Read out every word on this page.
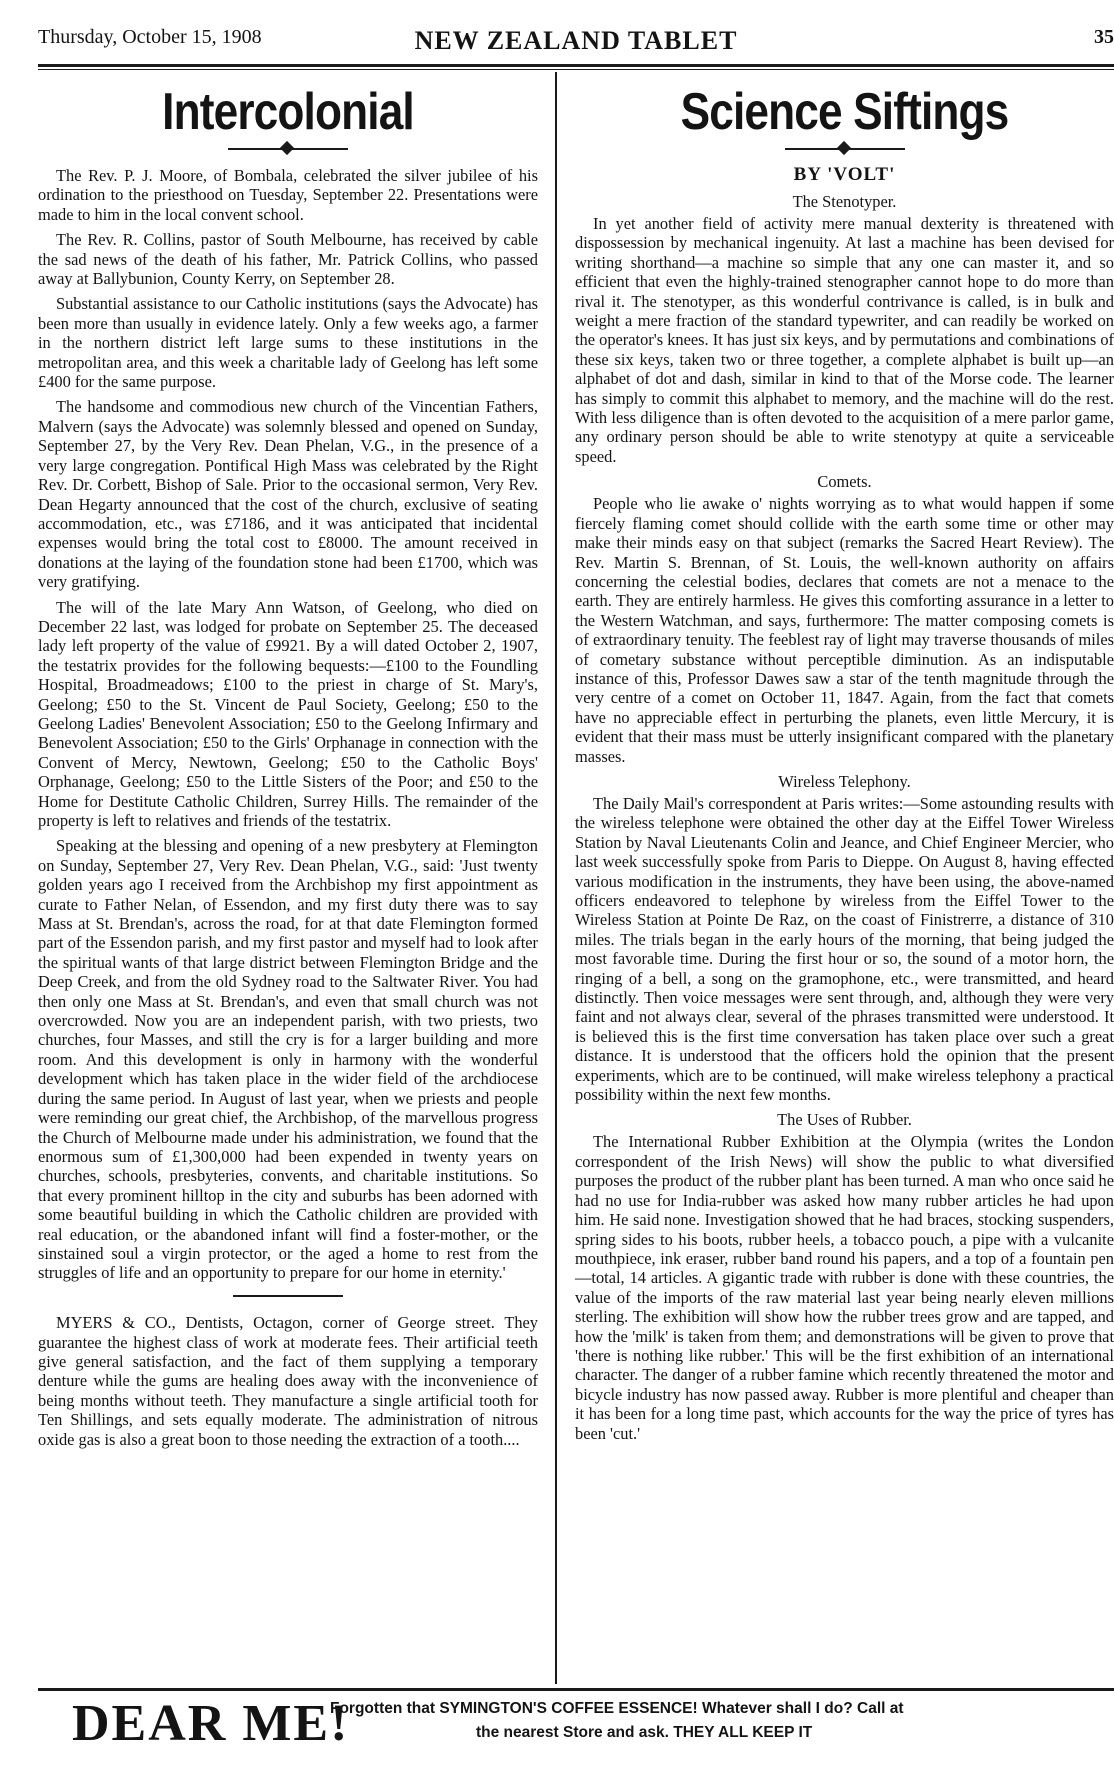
Thursday, October 15, 1908	NEW ZEALAND TABLET	35
Intercolonial

The Rev. P. J. Moore, of Bombala, celebrated the silver jubilee of his ordination to the priesthood on Tuesday, September 22. Presentations were made to him in the local convent school.

The Rev. R. Collins, pastor of South Melbourne, has received by cable the sad news of the death of his father, Mr. Patrick Collins, who passed away at Ballybunion, County Kerry, on September 28.

Substantial assistance to our Catholic institutions (says the Advocate) has been more than usually in evidence lately. Only a few weeks ago, a farmer in the northern district left large sums to these institutions in the metropolitan area, and this week a charitable lady of Geelong has left some £400 for the same purpose.

The handsome and commodious new church of the Vincentian Fathers, Malvern (says the Advocate) was solemnly blessed and opened on Sunday, September 27, by the Very Rev. Dean Phelan, V.G., in the presence of a very large congregation. Pontifical High Mass was celebrated by the Right Rev. Dr. Corbett, Bishop of Sale. Prior to the occasional sermon, Very Rev. Dean Hegarty announced that the cost of the church, exclusive of seating accommodation, etc., was £7186, and it was anticipated that incidental expenses would bring the total cost to £8000. The amount received in donations at the laying of the foundation stone had been £1700, which was very gratifying.

The will of the late Mary Ann Watson, of Geelong, who died on December 22 last, was lodged for probate on September 25. The deceased lady left property of the value of £9921. By a will dated October 2, 1907, the testatrix provides for the following bequests:—£100 to the Foundling Hospital, Broadmeadows; £100 to the priest in charge of St. Mary's, Geelong; £50 to the St. Vincent de Paul Society, Geelong; £50 to the Geelong Ladies' Benevolent Association; £50 to the Geelong Infirmary and Benevolent Association; £50 to the Girls' Orphanage in connection with the Convent of Mercy, Newtown, Geelong; £50 to the Catholic Boys' Orphanage, Geelong; £50 to the Little Sisters of the Poor; and £50 to the Home for Destitute Catholic Children, Surrey Hills. The remainder of the property is left to relatives and friends of the testatrix.

Speaking at the blessing and opening of a new presbytery at Flemington on Sunday, September 27, Very Rev. Dean Phelan, V.G., said: 'Just twenty golden years ago I received from the Archbishop my first appointment as curate to Father Nelan, of Essendon, and my first duty there was to say Mass at St. Brendan's, across the road, for at that date Flemington formed part of the Essendon parish, and my first pastor and myself had to look after the spiritual wants of that large district between Flemington Bridge and the Deep Creek, and from the old Sydney road to the Saltwater River. You had then only one Mass at St. Brendan's, and even that small church was not overcrowded. Now you are an independent parish, with two priests, two churches, four Masses, and still the cry is for a larger building and more room. And this development is only in harmony with the wonderful development which has taken place in the wider field of the archdiocese during the same period. In August of last year, when we priests and people were reminding our great chief, the Archbishop, of the marvellous progress the Church of Melbourne made under his administration, we found that the enormous sum of £1,300,000 had been expended in twenty years on churches, schools, presbyteries, convents, and charitable institutions. So that every prominent hilltop in the city and suburbs has been adorned with some beautiful building in which the Catholic children are provided with real education, or the abandoned infant will find a foster-mother, or the sinstained soul a virgin protector, or the aged a home to rest from the struggles of life and an opportunity to prepare for our home in eternity.'

MYERS & CO., Dentists, Octagon, corner of George street. They guarantee the highest class of work at moderate fees. Their artificial teeth give general satisfaction, and the fact of them supplying a temporary denture while the gums are healing does away with the inconvenience of being months without teeth. They manufacture a single artificial tooth for Ten Shillings, and sets equally moderate. The administration of nitrous oxide gas is also a great boon to those needing the extraction of a tooth....

Science Siftings
BY 'VOLT'
The Stenotyper.

In yet another field of activity mere manual dexterity is threatened with dispossession by mechanical ingenuity. At last a machine has been devised for writing shorthand—a machine so simple that any one can master it, and so efficient that even the highly-trained stenographer cannot hope to do more than rival it. The stenotyper, as this wonderful contrivance is called, is in bulk and weight a mere fraction of the standard typewriter, and can readily be worked on the operator's knees. It has just six keys, and by permutations and combinations of these six keys, taken two or three together, a complete alphabet is built up—an alphabet of dot and dash, similar in kind to that of the Morse code. The learner has simply to commit this alphabet to memory, and the machine will do the rest. With less diligence than is often devoted to the acquisition of a mere parlor game, any ordinary person should be able to write stenotypy at quite a serviceable speed.

Comets.

People who lie awake o' nights worrying as to what would happen if some fiercely flaming comet should collide with the earth some time or other may make their minds easy on that subject (remarks the Sacred Heart Review). The Rev. Martin S. Brennan, of St. Louis, the well-known authority on affairs concerning the celestial bodies, declares that comets are not a menace to the earth. They are entirely harmless. He gives this comforting assurance in a letter to the Western Watchman, and says, furthermore: The matter composing comets is of extraordinary tenuity. The feeblest ray of light may traverse thousands of miles of cometary substance without perceptible diminution. As an indisputable instance of this, Professor Dawes saw a star of the tenth magnitude through the very centre of a comet on October 11, 1847. Again, from the fact that comets have no appreciable effect in perturbing the planets, even little Mercury, it is evident that their mass must be utterly insignificant compared with the planetary masses.

Wireless Telephony.

The Daily Mail's correspondent at Paris writes:—Some astounding results with the wireless telephone were obtained the other day at the Eiffel Tower Wireless Station by Naval Lieutenants Colin and Jeance, and Chief Engineer Mercier, who last week successfully spoke from Paris to Dieppe. On August 8, having effected various modification in the instruments, they have been using, the above-named officers endeavored to telephone by wireless from the Eiffel Tower to the Wireless Station at Pointe De Raz, on the coast of Finistrerre, a distance of 310 miles. The trials began in the early hours of the morning, that being judged the most favorable time. During the first hour or so, the sound of a motor horn, the ringing of a bell, a song on the gramophone, etc., were transmitted, and heard distinctly. Then voice messages were sent through, and, although they were very faint and not always clear, several of the phrases transmitted were understood. It is believed this is the first time conversation has taken place over such a great distance. It is understood that the officers hold the opinion that the present experiments, which are to be continued, will make wireless telephony a practical possibility within the next few months.

The Uses of Rubber.

The International Rubber Exhibition at the Olympia (writes the London correspondent of the Irish News) will show the public to what diversified purposes the product of the rubber plant has been turned. A man who once said he had no use for India-rubber was asked how many rubber articles he had upon him. He said none. Investigation showed that he had braces, stocking suspenders, spring sides to his boots, rubber heels, a tobacco pouch, a pipe with a vulcanite mouthpiece, ink eraser, rubber band round his papers, and a top of a fountain pen—total, 14 articles. A gigantic trade with rubber is done with these countries, the value of the imports of the raw material last year being nearly eleven millions sterling. The exhibition will show how the rubber trees grow and are tapped, and how the 'milk' is taken from them; and demonstrations will be given to prove that 'there is nothing like rubber.' This will be the first exhibition of an international character. The danger of a rubber famine which recently threatened the motor and bicycle industry has now passed away. Rubber is more plentiful and cheaper than it has been for a long time past, which accounts for the way the price of tyres has been 'cut.'

DEAR ME!
Forgotten that SYMINGTON'S COFFEE ESSENCE! Whatever shall I do? Call at
the nearest Store and ask. THEY ALL KEEP IT
